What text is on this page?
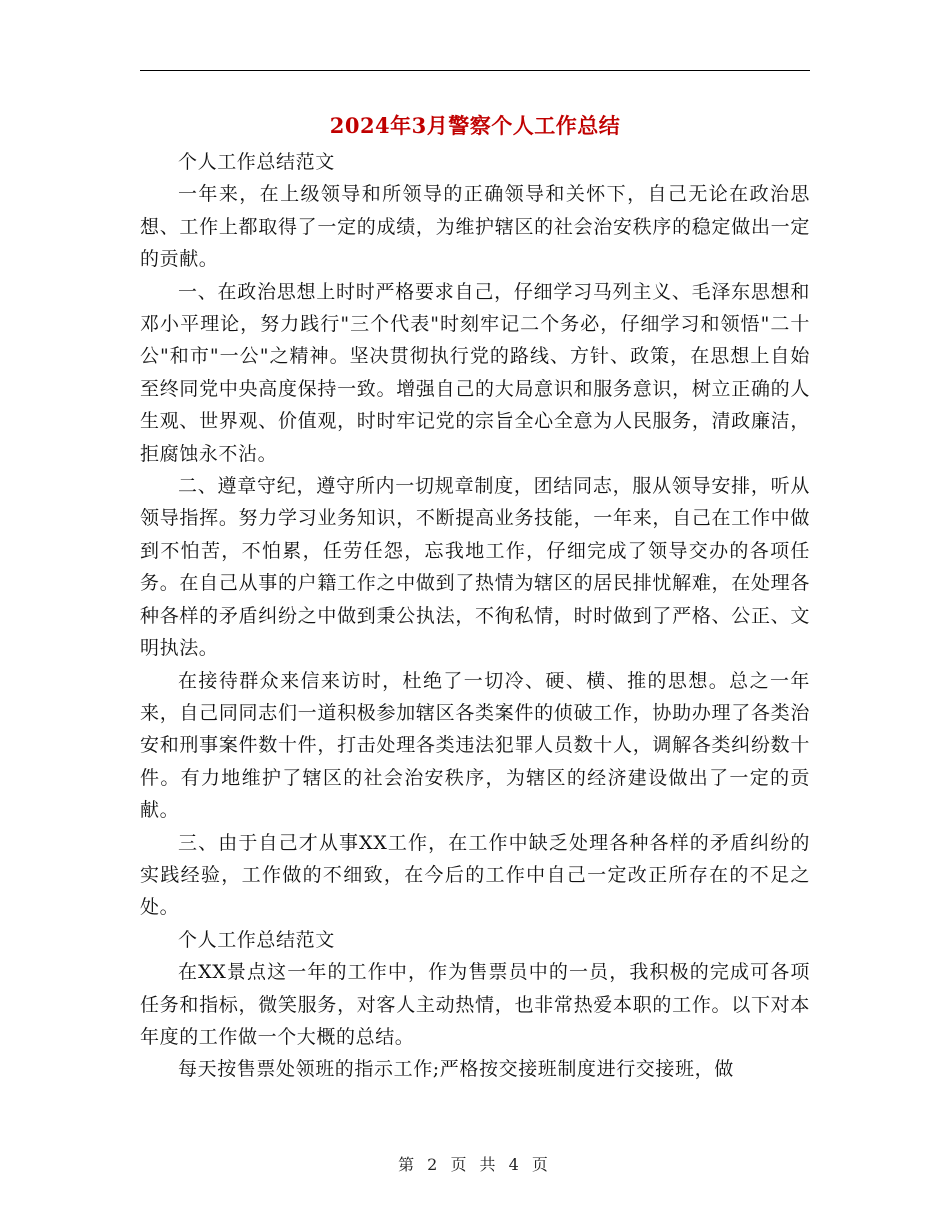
2024年3月警察个人工作总结

个人工作总结范文

一年来，在上级领导和所领导的正确领导和关怀下，自己无论在政治思想、工作上都取得了一定的成绩，为维护辖区的社会治安秩序的稳定做出一定的贡献。

一、在政治思想上时时严格要求自己，仔细学习马列主义、毛泽东思想和邓小平理论，努力践行"三个代表"时刻牢记二个务必，仔细学习和领悟"二十公"和市"一公"之精神。坚决贯彻执行党的路线、方针、政策，在思想上自始至终同党中央高度保持一致。增强自己的大局意识和服务意识，树立正确的人生观、世界观、价值观，时时牢记党的宗旨全心全意为人民服务，清政廉洁，拒腐蚀永不沾。

二、遵章守纪，遵守所内一切规章制度，团结同志，服从领导安排，听从领导指挥。努力学习业务知识，不断提高业务技能，一年来，自己在工作中做到不怕苦，不怕累，任劳任怨，忘我地工作，仔细完成了领导交办的各项任务。在自己从事的户籍工作之中做到了热情为辖区的居民排忧解难，在处理各种各样的矛盾纠纷之中做到秉公执法，不徇私情，时时做到了严格、公正、文明执法。

在接待群众来信来访时，杜绝了一切冷、硬、横、推的思想。总之一年来，自己同同志们一道积极参加辖区各类案件的侦破工作，协助办理了各类治安和刑事案件数十件，打击处理各类违法犯罪人员数十人，调解各类纠纷数十件。有力地维护了辖区的社会治安秩序，为辖区的经济建设做出了一定的贡献。

三、由于自己才从事XX工作，在工作中缺乏处理各种各样的矛盾纠纷的实践经验，工作做的不细致，在今后的工作中自己一定改正所存在的不足之处。

个人工作总结范文

在XX景点这一年的工作中，作为售票员中的一员，我积极的完成可各项任务和指标，微笑服务，对客人主动热情，也非常热爱本职的工作。以下对本年度的工作做一个大概的总结。

每天按售票处领班的指示工作;严格按交接班制度进行交接班，做

第 2 页 共 4 页
